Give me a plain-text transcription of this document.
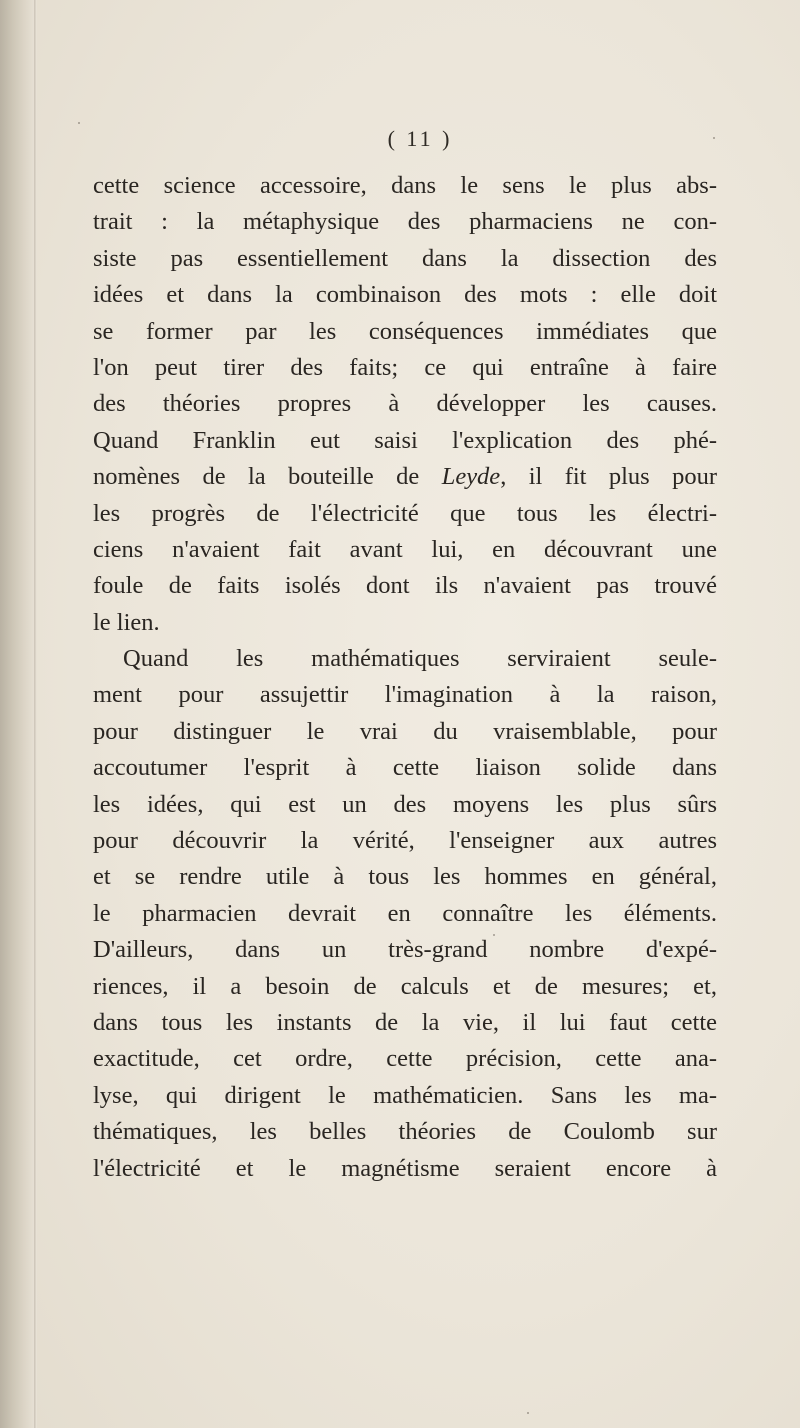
( 11 )
cette science accessoire, dans le sens le plus abs-
trait : la métaphysique des pharmaciens ne con-
siste pas essentiellement dans la dissection des
idées et dans la combinaison des mots : elle doit
se former par les conséquences immédiates que
l'on peut tirer des faits; ce qui entraîne à faire
des théories propres à développer les causes.
Quand Franklin eut saisi l'explication des phé-
nomènes de la bouteille de Leyde, il fit plus pour
les progrès de l'électricité que tous les électri-
ciens n'avaient fait avant lui, en découvrant une
foule de faits isolés dont ils n'avaient pas trouvé
le lien.
Quand les mathématiques serviraient seule-
ment pour assujettir l'imagination à la raison,
pour distinguer le vrai du vraisemblable, pour
accoutumer l'esprit à cette liaison solide dans
les idées, qui est un des moyens les plus sûrs
pour découvrir la vérité, l'enseigner aux autres
et se rendre utile à tous les hommes en général,
le pharmacien devrait en connaître les éléments.
D'ailleurs, dans un très-grand nombre d'expé-
riences, il a besoin de calculs et de mesures; et,
dans tous les instants de la vie, il lui faut cette
exactitude, cet ordre, cette précision, cette ana-
lyse, qui dirigent le mathématicien. Sans les ma-
thématiques, les belles théories de Coulomb sur
l'électricité et le magnétisme seraient encore à
